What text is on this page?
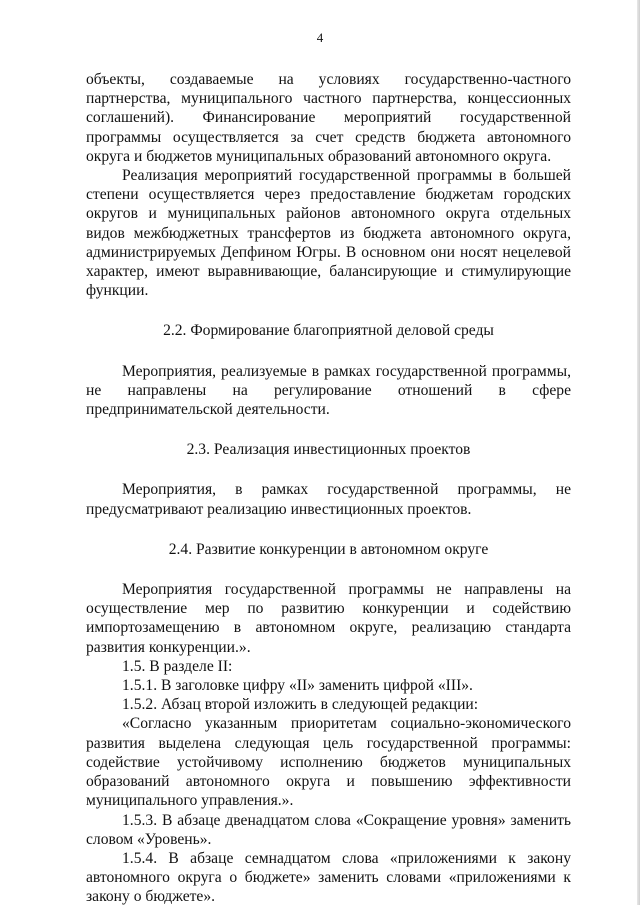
4

объекты, создаваемые на условиях государственно-частного партнерства, муниципального частного партнерства, концессионных соглашений). Финансирование мероприятий государственной программы осуществляется за счет средств бюджета автономного округа и бюджетов муниципальных образований автономного округа.

Реализация мероприятий государственной программы в большей степени осуществляется через предоставление бюджетам городских округов и муниципальных районов автономного округа отдельных видов межбюджетных трансфертов из бюджета автономного округа, администрируемых Депфином Югры. В основном они носят нецелевой характер, имеют выравнивающие, балансирующие и стимулирующие функции.

2.2. Формирование благоприятной деловой среды

Мероприятия, реализуемые в рамках государственной программы, не направлены на регулирование отношений в сфере предпринимательской деятельности.

2.3. Реализация инвестиционных проектов

Мероприятия, в рамках государственной программы, не предусматривают реализацию инвестиционных проектов.

2.4. Развитие конкуренции в автономном округе

Мероприятия государственной программы не направлены на осуществление мер по развитию конкуренции и содействию импортозамещению в автономном округе, реализацию стандарта развития конкуренции.».

1.5. В разделе II:

1.5.1. В заголовке цифру «II» заменить цифрой «III».

1.5.2. Абзац второй изложить в следующей редакции:

«Согласно указанным приоритетам социально-экономического развития выделена следующая цель государственной программы: содействие устойчивому исполнению бюджетов муниципальных образований автономного округа и повышению эффективности муниципального управления.».

1.5.3. В абзаце двенадцатом слова «Сокращение уровня» заменить словом «Уровень».

1.5.4. В абзаце семнадцатом слова «приложениями к закону автономного округа о бюджете» заменить словами «приложениями к закону о бюджете».
